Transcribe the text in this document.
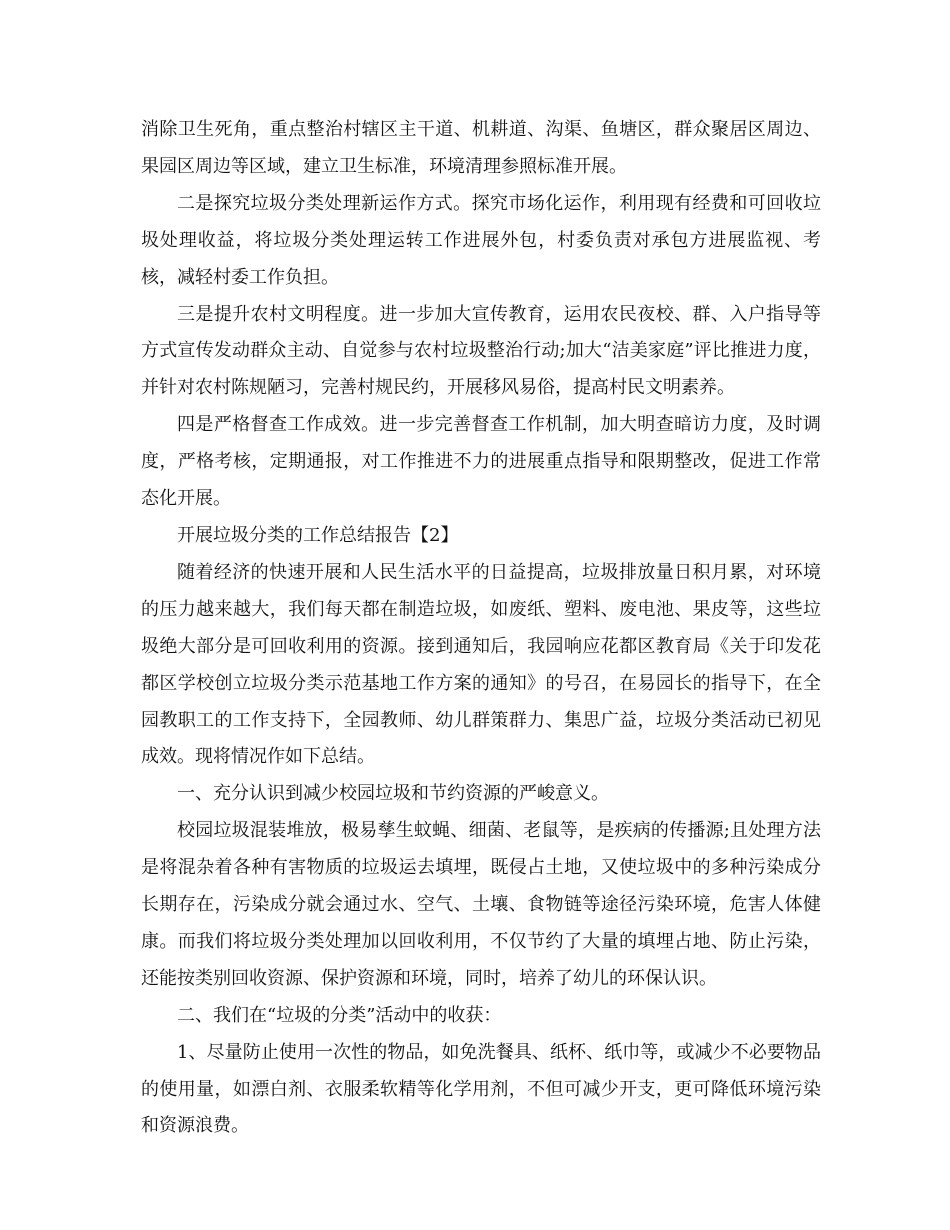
消除卫生死角，重点整治村辖区主干道、机耕道、沟渠、鱼塘区，群众聚居区周边、果园区周边等区域，建立卫生标准，环境清理参照标准开展。

二是探究垃圾分类处理新运作方式。探究市场化运作，利用现有经费和可回收垃圾处理收益，将垃圾分类处理运转工作进展外包，村委负责对承包方进展监视、考核，减轻村委工作负担。

三是提升农村文明程度。进一步加大宣传教育，运用农民夜校、群、入户指导等方式宣传发动群众主动、自觉参与农村垃圾整治行动;加大“洁美家庭”评比推进力度，并针对农村陈规陋习，完善村规民约，开展移风易俗，提高村民文明素养。

四是严格督查工作成效。进一步完善督查工作机制，加大明查暗访力度，及时调度，严格考核，定期通报，对工作推进不力的进展重点指导和限期整改，促进工作常态化开展。

开展垃圾分类的工作总结报告【2】

随着经济的快速开展和人民生活水平的日益提高，垃圾排放量日积月累，对环境的压力越来越大，我们每天都在制造垃圾，如废纸、塑料、废电池、果皮等，这些垃圾绝大部分是可回收利用的资源。接到通知后，我园响应花都区教育局《关于印发花都区学校创立垃圾分类示范基地工作方案的通知》的号召，在易园长的指导下，在全园教职工的工作支持下，全园教师、幼儿群策群力、集思广益，垃圾分类活动已初见成效。现将情况作如下总结。

一、充分认识到减少校园垃圾和节约资源的严峻意义。

校园垃圾混装堆放，极易孳生蚊蝇、细菌、老鼠等，是疾病的传播源;且处理方法是将混杂着各种有害物质的垃圾运去填埋，既侵占土地，又使垃圾中的多种污染成分长期存在，污染成分就会通过水、空气、土壤、食物链等途径污染环境，危害人体健康。而我们将垃圾分类处理加以回收利用，不仅节约了大量的填埋占地、防止污染，还能按类别回收资源、保护资源和环境，同时，培养了幼儿的环保认识。

二、我们在“垃圾的分类”活动中的收获：

1、尽量防止使用一次性的物品，如免洗餐具、纸杯、纸巾等，或减少不必要物品的使用量，如漂白剂、衣服柔软精等化学用剂，不但可减少开支，更可降低环境污染和资源浪费。
